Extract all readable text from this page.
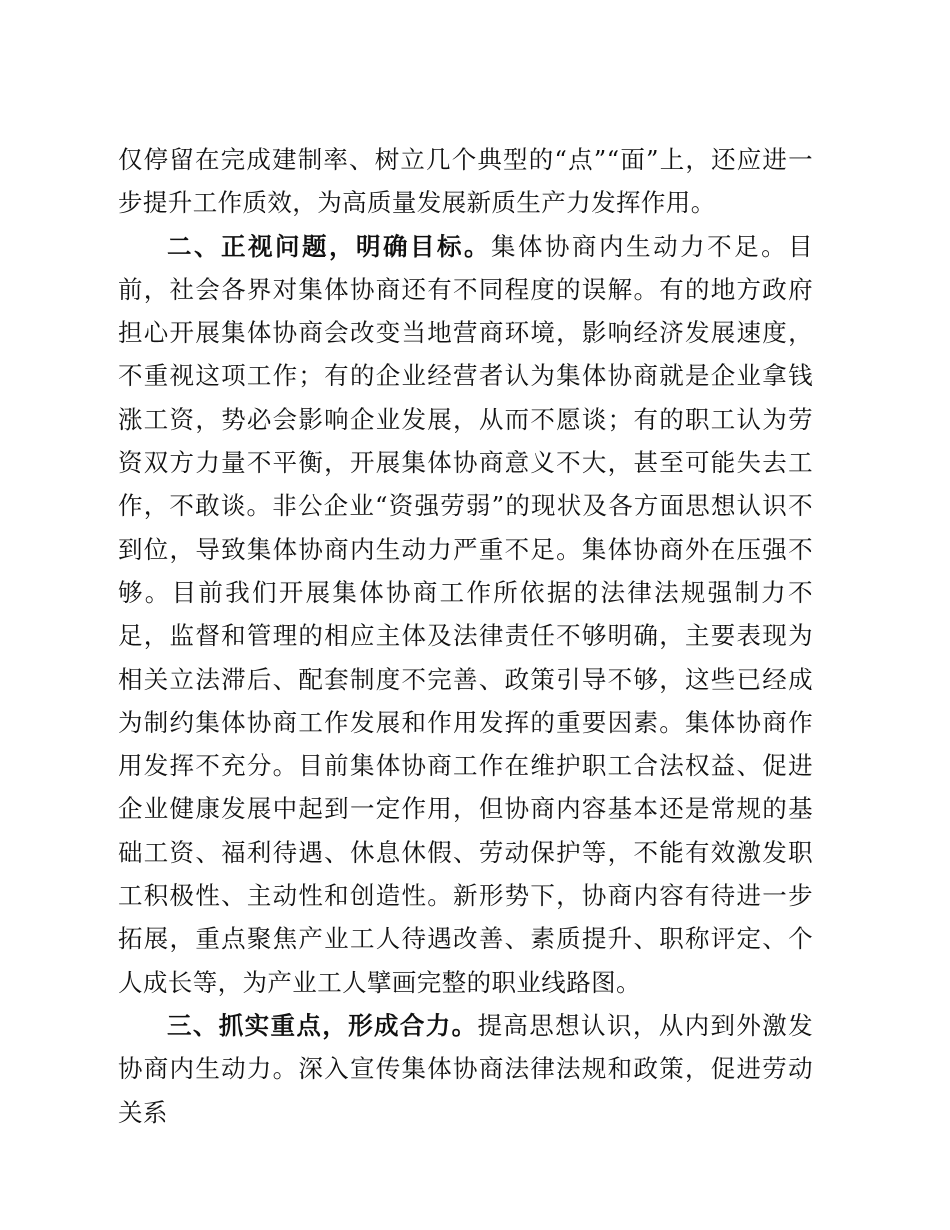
仅停留在完成建制率、树立几个典型的“点”“面”上，还应进一步提升工作质效，为高质量发展新质生产力发挥作用。

二、正视问题，明确目标。集体协商内生动力不足。目前，社会各界对集体协商还有不同程度的误解。有的地方政府担心开展集体协商会改变当地营商环境，影响经济发展速度，不重视这项工作；有的企业经营者认为集体协商就是企业拿钱涨工资，势必会影响企业发展，从而不愿谈；有的职工认为劳资双方力量不平衡，开展集体协商意义不大，甚至可能失去工作，不敢谈。非公企业“资强劳弱”的现状及各方面思想认识不到位，导致集体协商内生动力严重不足。集体协商外在压强不够。目前我们开展集体协商工作所依据的法律法规强制力不足，监督和管理的相应主体及法律责任不够明确，主要表现为相关立法滞后、配套制度不完善、政策引导不够，这些已经成为制约集体协商工作发展和作用发挥的重要因素。集体协商作用发挥不充分。目前集体协商工作在维护职工合法权益、促进企业健康发展中起到一定作用，但协商内容基本还是常规的基础工资、福利待遇、休息休假、劳动保护等，不能有效激发职工积极性、主动性和创造性。新形势下，协商内容有待进一步拓展，重点聚焦产业工人待遇改善、素质提升、职称评定、个人成长等，为产业工人擘画完整的职业线路图。

三、抓实重点，形成合力。提高思想认识，从内到外激发协商内生动力。深入宣传集体协商法律法规和政策，促进劳动关系
